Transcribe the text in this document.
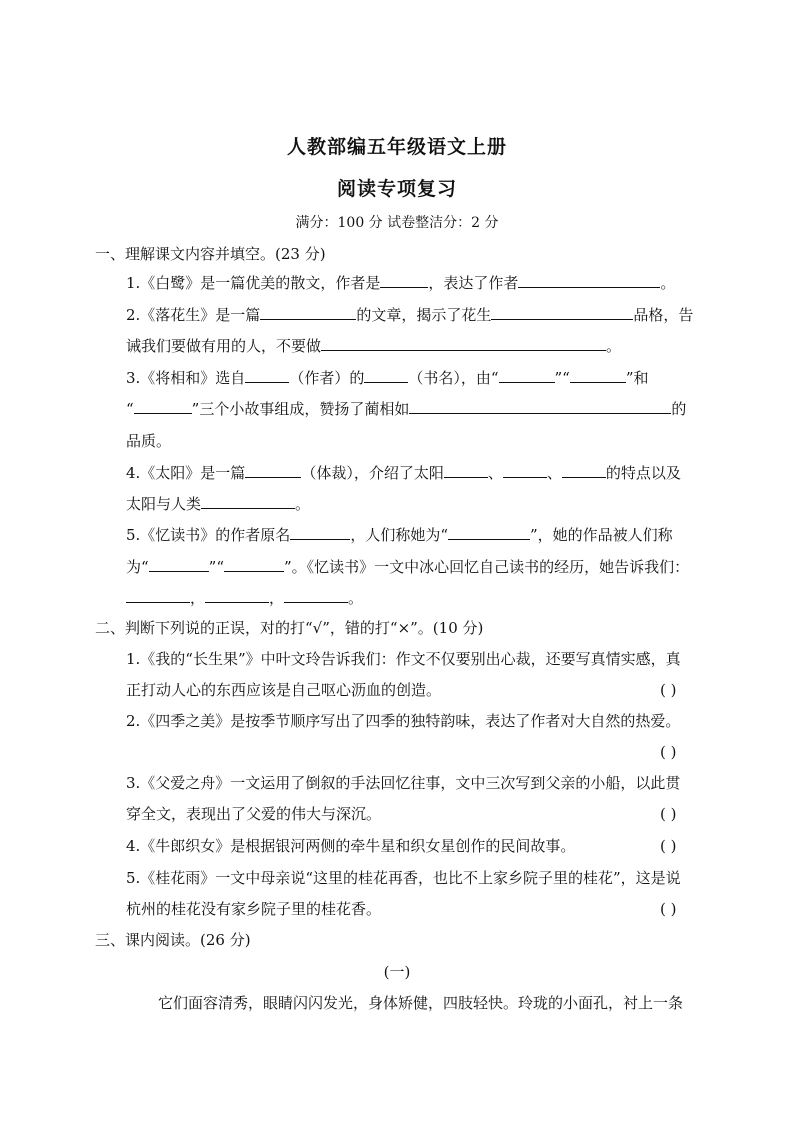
人教部编五年级语文上册
阅读专项复习
满分：100 分 试卷整洁分：2 分
一、理解课文内容并填空。(23 分)
1.《白鹭》是一篇优美的散文，作者是	，表达了作者	。
2.《落花生》是一篇	的文章，揭示了花生	品格，告
诫我们要做有用的人，不要做	。
3.《将相和》选自	（作者）的	（书名），由“	”“	”和
“	”三个小故事组成，赞扬了蔺相如	的
品质。
4.《太阳》是一篇	（体裁），介绍了太阳	、	、	的特点以及
太阳与人类	。
5.《忆读书》的作者原名	，人们称她为“	”，她的作品被人们称
为“	”“	”。《忆读书》一文中冰心回忆自己读书的经历，她告诉我们：
，	，	。
二、判断下列说的正误，对的打“√”，错的打“×”。(10 分)
1.《我的“长生果”》中叶文玲告诉我们：作文不仅要别出心裁，还要写真情实感，真
正打动人心的东西应该是自己呕心沥血的创造。	( )
2.《四季之美》是按季节顺序写出了四季的独特韵味，表达了作者对大自然的热爱。
( )
3.《父爱之舟》一文运用了倒叙的手法回忆往事，文中三次写到父亲的小船，以此贯
穿全文，表现出了父爱的伟大与深沉。	( )
4.《牛郎织女》是根据银河两侧的牵牛星和织女星创作的民间故事。	( )
5.《桂花雨》一文中母亲说“这里的桂花再香，也比不上家乡院子里的桂花”，这是说
杭州的桂花没有家乡院子里的桂花香。	( )
三、课内阅读。(26 分)
(一)
它们面容清秀，眼睛闪闪发光，身体矫健，四肢轻快。玲珑的小面孔，衬上一条
